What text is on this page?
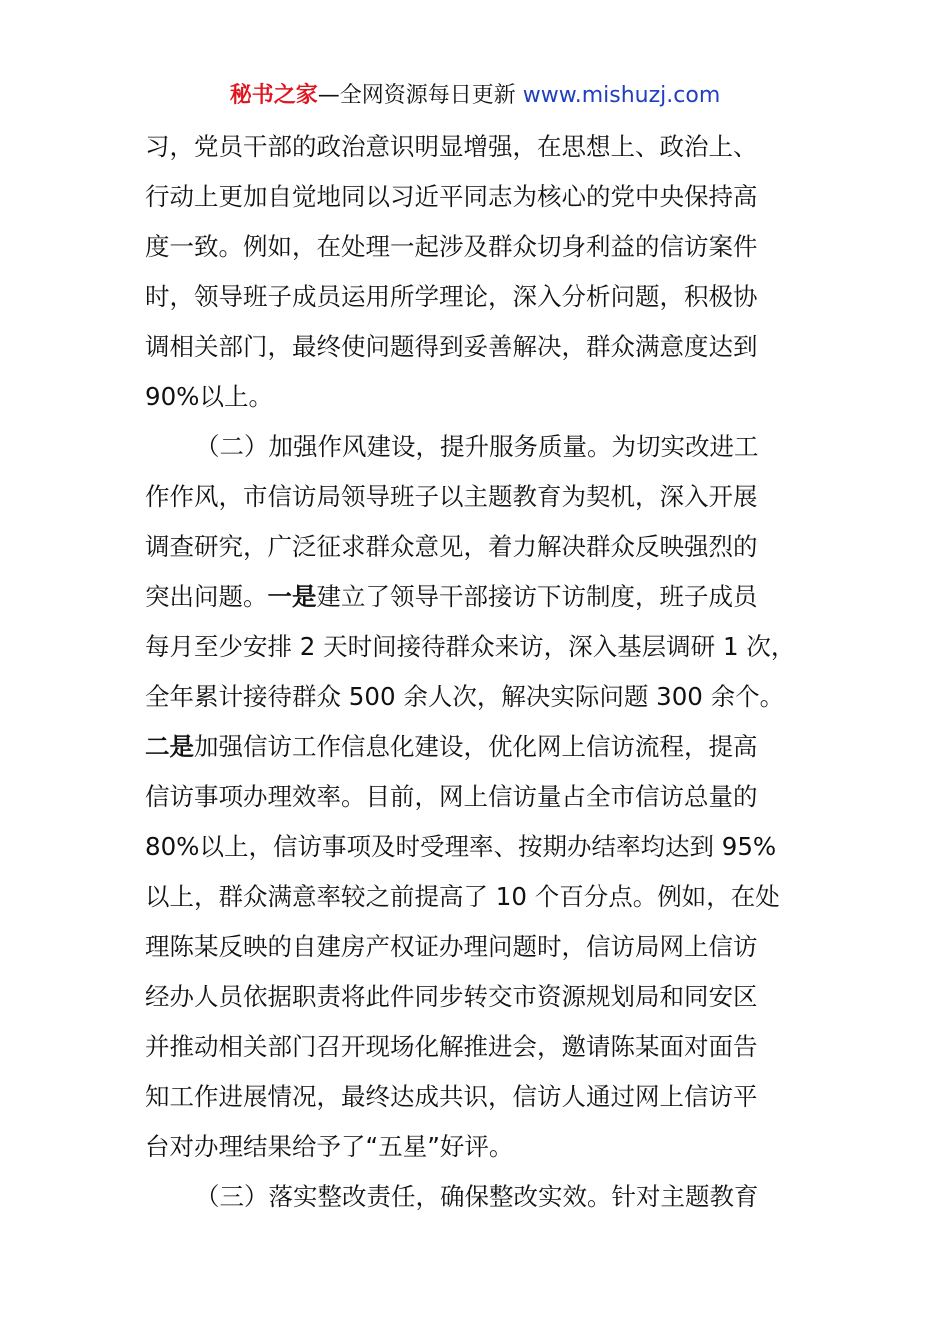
秘书之家—全网资源每日更新 www.mishuzj.com
习，党员干部的政治意识明显增强，在思想上、政治上、
行动上更加自觉地同以习近平同志为核心的党中央保持高
度一致。例如，在处理一起涉及群众切身利益的信访案件
时，领导班子成员运用所学理论，深入分析问题，积极协
调相关部门，最终使问题得到妥善解决，群众满意度达到
90%以上。
（二）加强作风建设，提升服务质量。为切实改进工
作作风，市信访局领导班子以主题教育为契机，深入开展
调查研究，广泛征求群众意见，着力解决群众反映强烈的
突出问题。一是建立了领导干部接访下访制度，班子成员
每月至少安排 2 天时间接待群众来访，深入基层调研 1 次，
全年累计接待群众 500 余人次，解决实际问题 300 余个。
二是加强信访工作信息化建设，优化网上信访流程，提高
信访事项办理效率。目前，网上信访量占全市信访总量的
80%以上，信访事项及时受理率、按期办结率均达到 95%
以上，群众满意率较之前提高了 10 个百分点。例如，在处
理陈某反映的自建房产权证办理问题时，信访局网上信访
经办人员依据职责将此件同步转交市资源规划局和同安区
并推动相关部门召开现场化解推进会，邀请陈某面对面告
知工作进展情况，最终达成共识，信访人通过网上信访平
台对办理结果给予了“五星”好评。
（三）落实整改责任，确保整改实效。针对主题教育
